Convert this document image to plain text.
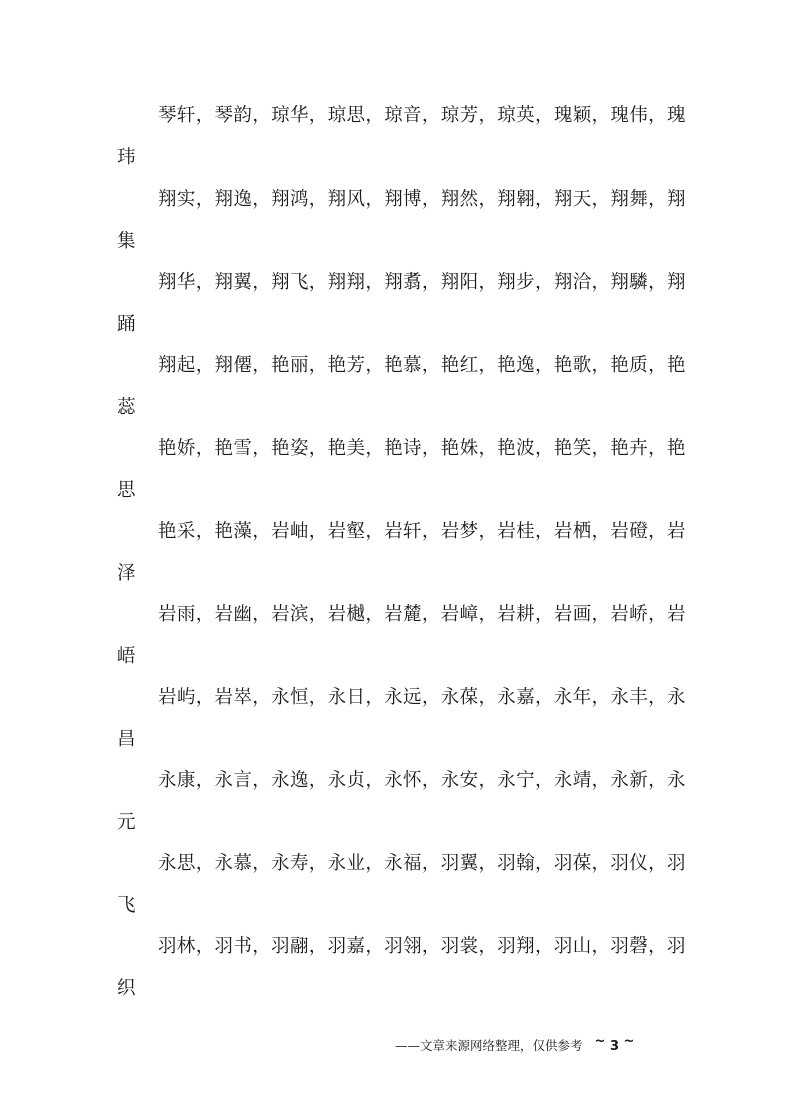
琴轩，琴韵，琼华，琼思，琼音，琼芳，琼英，瑰颖，瑰伟，瑰
玮
翔实，翔逸，翔鸿，翔风，翔博，翔然，翔翱，翔天，翔舞，翔
集
翔华，翔翼，翔飞，翔翔，翔翥，翔阳，翔步，翔洽，翔驎，翔
踊
翔起，翔僊，艳丽，艳芳，艳慕，艳红，艳逸，艳歌，艳质，艳
蕊
艳娇，艳雪，艳姿，艳美，艳诗，艳姝，艳波，艳笑，艳卉，艳
思
艳采，艳藻，岩岫，岩壑，岩轩，岩梦，岩桂，岩栖，岩磴，岩
泽
岩雨，岩幽，岩滨，岩樾，岩麓，岩嶂，岩耕，岩画，岩峤，岩
峿
岩屿，岩崒，永恒，永日，永远，永葆，永嘉，永年，永丰，永
昌
永康，永言，永逸，永贞，永怀，永安，永宁，永靖，永新，永
元
永思，永慕，永寿，永业，永福，羽翼，羽翰，羽葆，羽仪，羽
飞
羽林，羽书，羽翮，羽嘉，羽翎，羽裳，羽翔，羽山，羽磬，羽
织
——文章来源网络整理，仅供参考 ~ 3 ~
